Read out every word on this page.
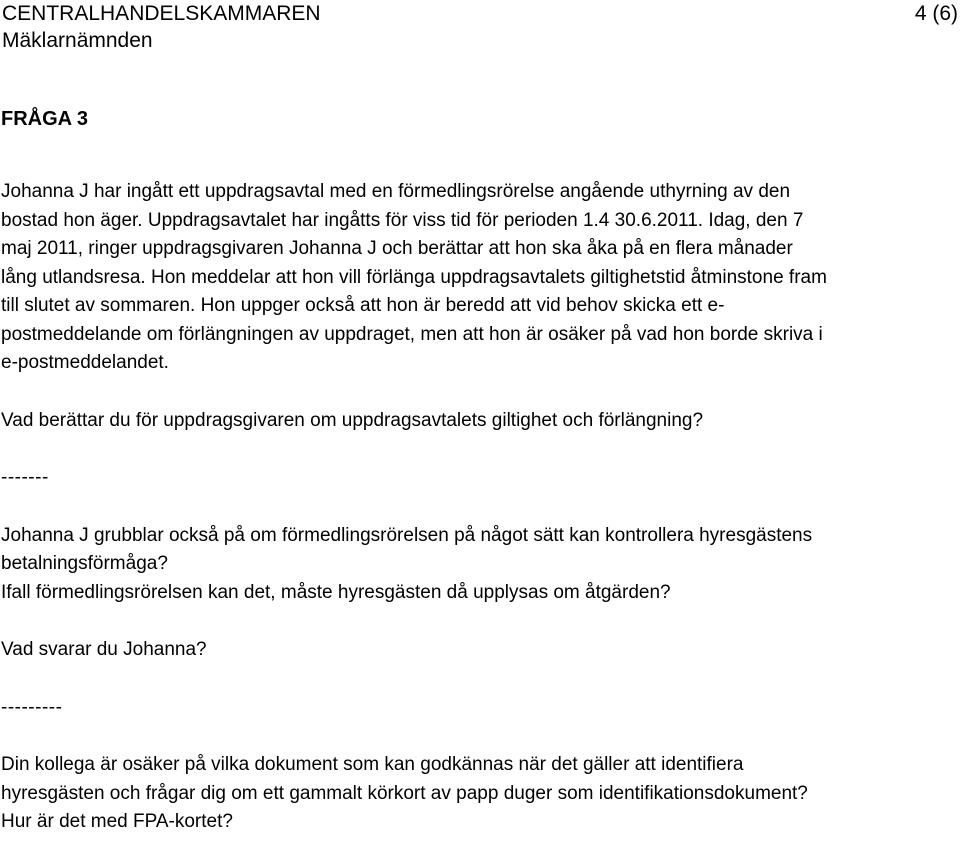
CENTRALHANDELSKAMMAREN	4 (6)
Mäklarnämnden

FRÅGA 3

Johanna J har ingått ett uppdragsavtal med en förmedlingsrörelse angående uthyrning av den

bostad hon äger. Uppdragsavtalet har ingåtts för viss tid för perioden 1.4 30.6.2011. Idag, den 7

maj 2011, ringer uppdragsgivaren Johanna J och berättar att hon ska åka på en flera månader

lång utlandsresa. Hon meddelar att hon vill förlänga uppdragsavtalets giltighetstid åtminstone fram

till slutet av sommaren. Hon uppger också att hon är beredd att vid behov skicka ett e-

postmeddelande om förlängningen av uppdraget, men att hon är osäker på vad hon borde skriva i

e-postmeddelandet.

Vad berättar du för uppdragsgivaren om uppdragsavtalets giltighet och förlängning?

-------

Johanna J grubblar också på om förmedlingsrörelsen på något sätt kan kontrollera hyresgästens

betalningsförmåga?

Ifall förmedlingsrörelsen kan det, måste hyresgästen då upplysas om åtgärden?

Vad svarar du Johanna?

---------

Din kollega är osäker på vilka dokument som kan godkännas när det gäller att identifiera

hyresgästen och frågar dig om ett gammalt körkort av papp duger som identifikationsdokument?

Hur är det med FPA-kortet?
